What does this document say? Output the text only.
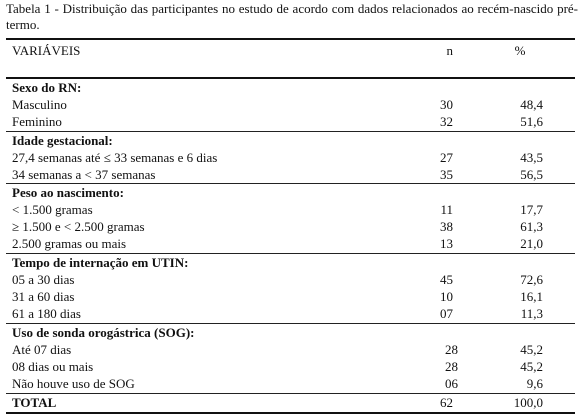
Tabela 1 - Distribuição das participantes no estudo de acordo com dados relacionados ao recém-nascido pré-termo.
VARIÁVEIS	n	%
Sexo do RN:
Masculino	30	48,4
Feminino	32	51,6
Idade gestacional:
27,4 semanas até ≤ 33 semanas e 6 dias	27	43,5
34 semanas a < 37 semanas	35	56,5
Peso ao nascimento:
< 1.500 gramas	11	17,7
≥ 1.500 e < 2.500 gramas	38	61,3
2.500 gramas ou mais	13	21,0
Tempo de internação em UTIN:
05 a 30 dias	45	72,6
31 a 60 dias	10	16,1
61 a 180 dias	07	11,3
Uso de sonda orogástrica (SOG):
Até 07 dias	28	45,2
08 dias ou mais	28	45,2
Não houve uso de SOG	06	9,6
TOTAL	62	100,0
